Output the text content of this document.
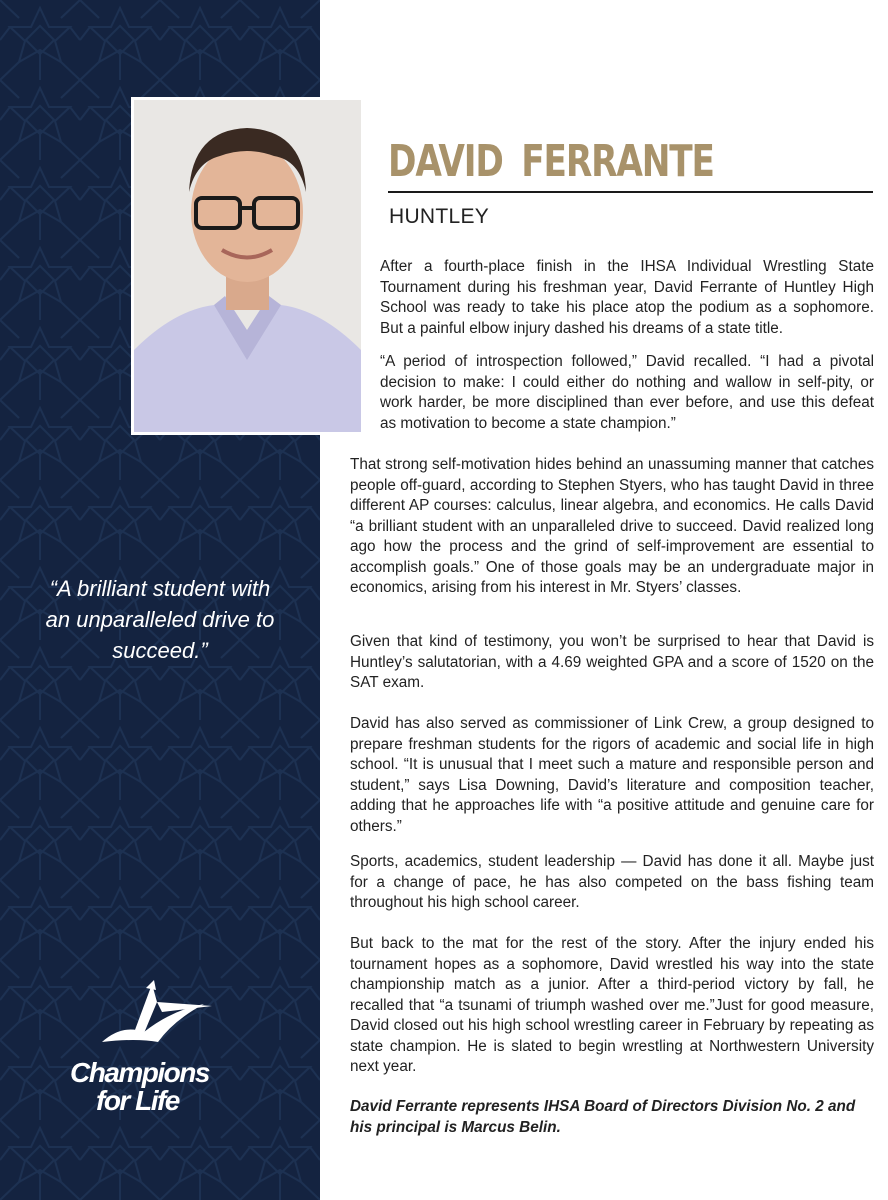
“A brilliant student with an unparalleled drive to succeed.”

Champions
for Life
DAVID FERRANTE
HUNTLEY

After a fourth-place finish in the IHSA Individual Wrestling State Tournament during his freshman year, David Ferrante of Huntley High School was ready to take his place atop the podium as a sophomore. But a painful elbow injury dashed his dreams of a state title.

“A period of introspection followed,” David recalled. “I had a pivotal decision to make: I could either do nothing and wallow in self-pity, or work harder, be more disciplined than ever before, and use this defeat as motivation to become a state champion.”

That strong self-motivation hides behind an unassuming manner that catches people off-guard, according to Stephen Styers, who has taught David in three different AP courses: calculus, linear algebra, and economics. He calls David “a brilliant student with an unparalleled drive to succeed. David realized long ago how the process and the grind of self-improvement are essential to accomplish goals.” One of those goals may be an undergraduate major in economics, arising from his interest in Mr. Styers’ classes.

Given that kind of testimony, you won’t be surprised to hear that David is Huntley’s salutatorian, with a 4.69 weighted GPA and a score of 1520 on the SAT exam.

David has also served as commissioner of Link Crew, a group designed to prepare freshman students for the rigors of academic and social life in high school. “It is unusual that I meet such a mature and responsible person and student,” says Lisa Downing, David’s literature and composition teacher, adding that he approaches life with “a positive attitude and genuine care for others.”

Sports, academics, student leadership — David has done it all. Maybe just for a change of pace, he has also competed on the bass fishing team throughout his high school career.

But back to the mat for the rest of the story. After the injury ended his tournament hopes as a sophomore, David wrestled his way into the state championship match as a junior. After a third-period victory by fall, he recalled that “a tsunami of triumph washed over me.”Just for good measure, David closed out his high school wrestling career in February by repeating as state champion. He is slated to begin wrestling at Northwestern University next year.

David Ferrante represents IHSA Board of Directors Division No. 2 and his principal is Marcus Belin.
